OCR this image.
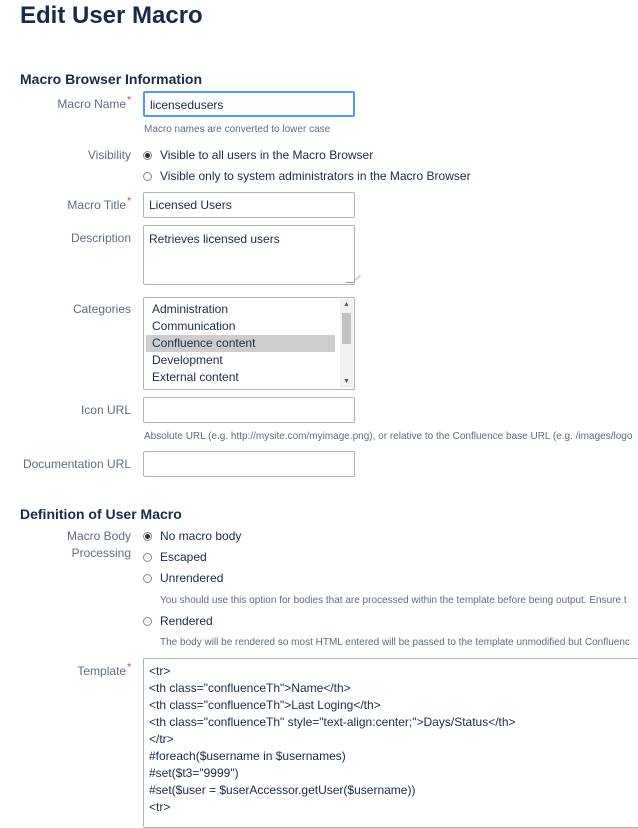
Edit User Macro
Macro Browser Information
Macro Name*	licensedusers
Macro names are converted to lower case
Visibility Visible to all users in the Macro Browser
Visible only to system administrators in the Macro Browser
Macro Title*	Licensed Users
Description	Retrieves licensed users
Categories	Administration
Communication
Confluence content
Development
External content
▲
▼
Icon URL
Absolute URL (e.g. http://mysite.com/myimage.png), or relative to the Confluence base URL (e.g. /images/logo
Documentation URL
Definition of User Macro
Macro Body
Processing
No macro body
Escaped
Unrendered
You should use this option for bodies that are processed within the template before being output. Ensure t
Rendered
The body will be rendered so most HTML entered will be passed to the template unmodified but Confluenc
Template* <tr>
<th class="confluenceTh">Name</th>
<th class="confluenceTh">Last Loging</th>
<th class="confluenceTh" style="text-align:center;">Days/Status</th>
</tr>
#foreach($username in $usernames)
#set($t3="9999")
#set($user = $userAccessor.getUser($username))
<tr>
